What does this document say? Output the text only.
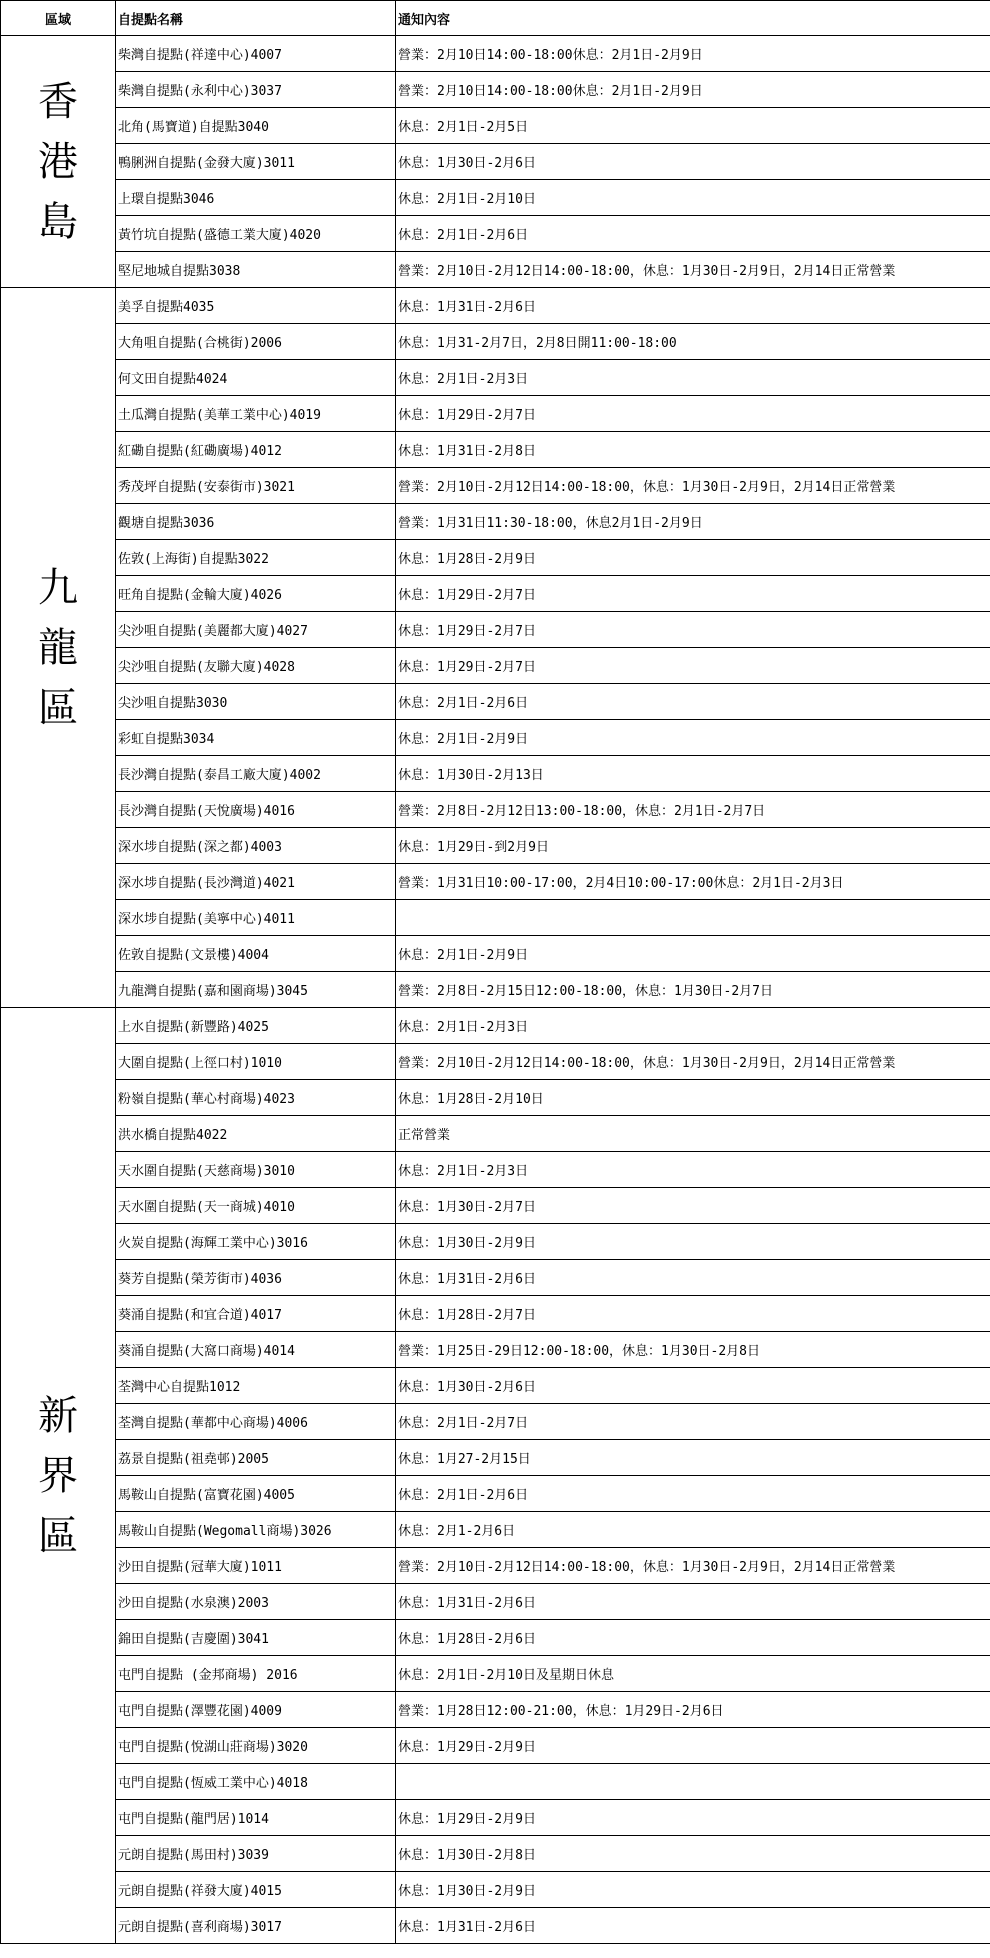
區域	自提點名稱	通知內容
香港島	柴灣自提點(祥達中心)4007	營業：2月10日14:00-18:00休息：2月1日-2月9日
	柴灣自提點(永利中心)3037	營業：2月10日14:00-18:00休息：2月1日-2月9日
	北角(馬寶道)自提點3040	休息：2月1日-2月5日
	鴨脷洲自提點(金發大廈)3011	休息：1月30日-2月6日
	上環自提點3046	休息：2月1日-2月10日
	黃竹坑自提點(盛德工業大廈)4020	休息：2月1日-2月6日
	堅尼地城自提點3038	營業：2月10日-2月12日14:00-18:00，休息：1月30日-2月9日，2月14日正常營業
九龍區	美孚自提點4035	休息：1月31日-2月6日
	大角咀自提點(合桃街)2006	休息：1月31-2月7日，2月8日開11:00-18:00
	何文田自提點4024	休息：2月1日-2月3日
	土瓜灣自提點(美華工業中心)4019	休息：1月29日-2月7日
	紅磡自提點(紅磡廣場)4012	休息：1月31日-2月8日
	秀茂坪自提點(安泰街市)3021	營業：2月10日-2月12日14:00-18:00，休息：1月30日-2月9日，2月14日正常營業
	觀塘自提點3036	營業：1月31日11:30-18:00，休息2月1日-2月9日
	佐敦(上海街)自提點3022	休息：1月28日-2月9日
	旺角自提點(金輪大廈)4026	休息：1月29日-2月7日
	尖沙咀自提點(美麗都大廈)4027	休息：1月29日-2月7日
	尖沙咀自提點(友聯大廈)4028	休息：1月29日-2月7日
	尖沙咀自提點3030	休息：2月1日-2月6日
	彩虹自提點3034	休息：2月1日-2月9日
	長沙灣自提點(泰昌工廠大廈)4002	休息：1月30日-2月13日
	長沙灣自提點(天悅廣場)4016	營業：2月8日-2月12日13:00-18:00，休息：2月1日-2月7日
	深水埗自提點(深之都)4003	休息：1月29日-到2月9日
	深水埗自提點(長沙灣道)4021	營業：1月31日10:00-17:00，2月4日10:00-17:00休息：2月1日-2月3日
	深水埗自提點(美寧中心)4011	
	佐敦自提點(文景樓)4004	休息：2月1日-2月9日
	九龍灣自提點(嘉和園商場)3045	營業：2月8日-2月15日12:00-18:00，休息：1月30日-2月7日
新界區	上水自提點(新豐路)4025	休息：2月1日-2月3日
	大圍自提點(上徑口村)1010	營業：2月10日-2月12日14:00-18:00，休息：1月30日-2月9日，2月14日正常營業
	粉嶺自提點(華心村商場)4023	休息：1月28日-2月10日
	洪水橋自提點4022	正常營業
	天水圍自提點(天慈商場)3010	休息：2月1日-2月3日
	天水圍自提點(天一商城)4010	休息：1月30日-2月7日
	火炭自提點(海輝工業中心)3016	休息：1月30日-2月9日
	葵芳自提點(榮芳街市)4036	休息：1月31日-2月6日
	葵涌自提點(和宜合道)4017	休息：1月28日-2月7日
	葵涌自提點(大窩口商場)4014	營業：1月25日-29日12:00-18:00，休息：1月30日-2月8日
	荃灣中心自提點1012	休息：1月30日-2月6日
	荃灣自提點(華都中心商場)4006	休息：2月1日-2月7日
	荔景自提點(祖堯邨)2005	休息：1月27-2月15日
	馬鞍山自提點(富寶花園)4005	休息：2月1日-2月6日
	馬鞍山自提點(Wegomall商場)3026	休息：2月1-2月6日
	沙田自提點(冠華大廈)1011	營業：2月10日-2月12日14:00-18:00，休息：1月30日-2月9日，2月14日正常營業
	沙田自提點(水泉澳)2003	休息：1月31日-2月6日
	錦田自提點(吉慶圍)3041	休息：1月28日-2月6日
	屯門自提點 (金邦商場) 2016	休息：2月1日-2月10日及星期日休息
	屯門自提點(澤豐花園)4009	營業：1月28日12:00-21:00，休息：1月29日-2月6日
	屯門自提點(悅湖山莊商場)3020	休息：1月29日-2月9日
	屯門自提點(恆威工業中心)4018	
	屯門自提點(龍門居)1014	休息：1月29日-2月9日
	元朗自提點(馬田村)3039	休息：1月30日-2月8日
	元朗自提點(祥發大廈)4015	休息：1月30日-2月9日
	元朗自提點(喜利商場)3017	休息：1月31日-2月6日
